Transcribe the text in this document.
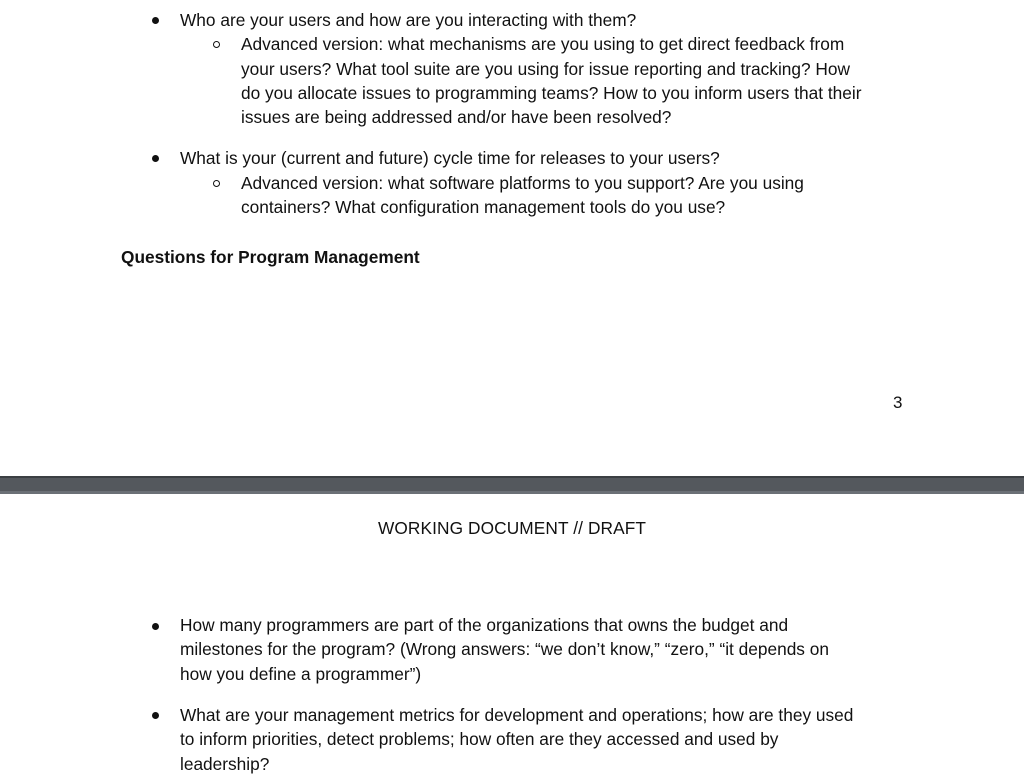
Who are your users and how are you interacting with them?
Advanced version: what mechanisms are you using to get direct feedback from
your users? What tool suite are you using for issue reporting and tracking? How
do you allocate issues to programming teams? How to you inform users that their
issues are being addressed and/or have been resolved?
What is your (current and future) cycle time for releases to your users?
Advanced version: what software platforms to you support? Are you using
containers? What configuration management tools do you use?
Questions for Program Management
3
WORKING DOCUMENT // DRAFT
How many programmers are part of the organizations that owns the budget and
milestones for the program? (Wrong answers: “we don’t know,” “zero,” “it depends on
how you define a programmer”)
What are your management metrics for development and operations; how are they used
to inform priorities, detect problems; how often are they accessed and used by
leadership?
